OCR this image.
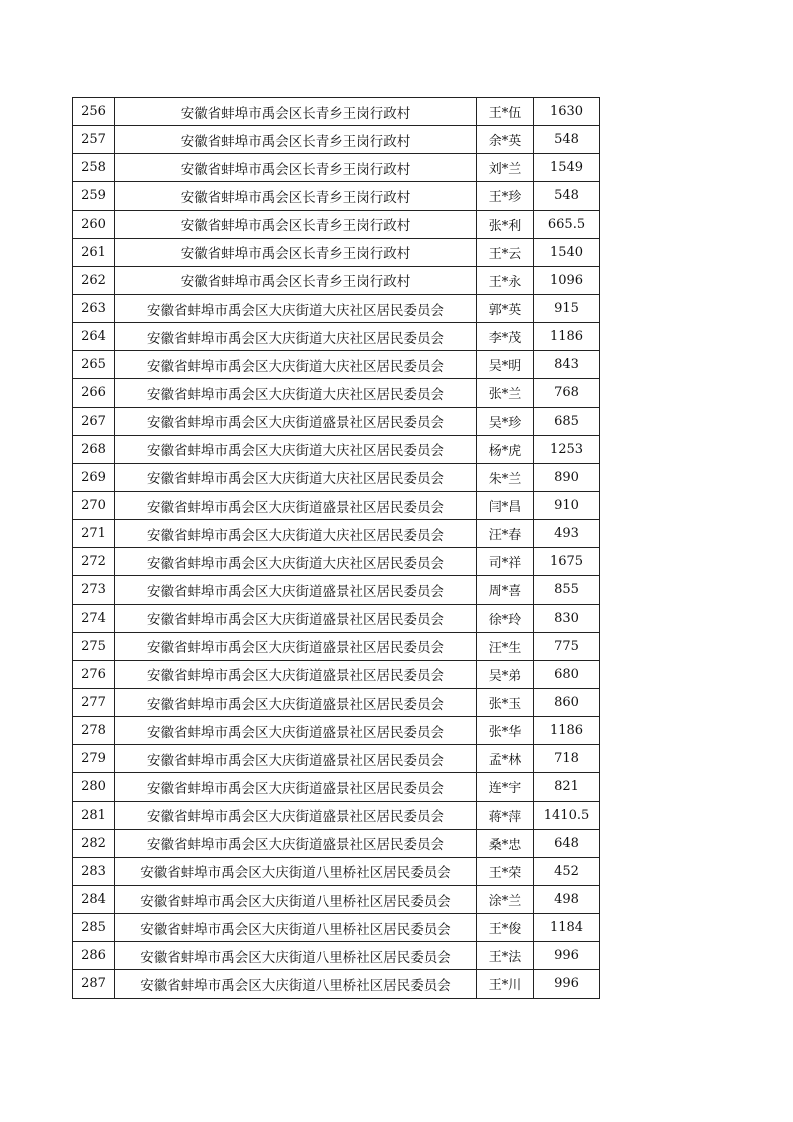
256	安徽省蚌埠市禹会区长青乡王岗行政村	王*伍	1630
257	安徽省蚌埠市禹会区长青乡王岗行政村	余*英	548
258	安徽省蚌埠市禹会区长青乡王岗行政村	刘*兰	1549
259	安徽省蚌埠市禹会区长青乡王岗行政村	王*珍	548
260	安徽省蚌埠市禹会区长青乡王岗行政村	张*利	665.5
261	安徽省蚌埠市禹会区长青乡王岗行政村	王*云	1540
262	安徽省蚌埠市禹会区长青乡王岗行政村	王*永	1096
263	安徽省蚌埠市禹会区大庆街道大庆社区居民委员会	郭*英	915
264	安徽省蚌埠市禹会区大庆街道大庆社区居民委员会	李*茂	1186
265	安徽省蚌埠市禹会区大庆街道大庆社区居民委员会	吴*明	843
266	安徽省蚌埠市禹会区大庆街道大庆社区居民委员会	张*兰	768
267	安徽省蚌埠市禹会区大庆街道盛景社区居民委员会	吴*珍	685
268	安徽省蚌埠市禹会区大庆街道大庆社区居民委员会	杨*虎	1253
269	安徽省蚌埠市禹会区大庆街道大庆社区居民委员会	朱*兰	890
270	安徽省蚌埠市禹会区大庆街道盛景社区居民委员会	闫*昌	910
271	安徽省蚌埠市禹会区大庆街道大庆社区居民委员会	汪*春	493
272	安徽省蚌埠市禹会区大庆街道大庆社区居民委员会	司*祥	1675
273	安徽省蚌埠市禹会区大庆街道盛景社区居民委员会	周*喜	855
274	安徽省蚌埠市禹会区大庆街道盛景社区居民委员会	徐*玲	830
275	安徽省蚌埠市禹会区大庆街道盛景社区居民委员会	汪*生	775
276	安徽省蚌埠市禹会区大庆街道盛景社区居民委员会	吴*弟	680
277	安徽省蚌埠市禹会区大庆街道盛景社区居民委员会	张*玉	860
278	安徽省蚌埠市禹会区大庆街道盛景社区居民委员会	张*华	1186
279	安徽省蚌埠市禹会区大庆街道盛景社区居民委员会	孟*林	718
280	安徽省蚌埠市禹会区大庆街道盛景社区居民委员会	连*宇	821
281	安徽省蚌埠市禹会区大庆街道盛景社区居民委员会	蒋*萍	1410.5
282	安徽省蚌埠市禹会区大庆街道盛景社区居民委员会	桑*忠	648
283	安徽省蚌埠市禹会区大庆街道八里桥社区居民委员会	王*荣	452
284	安徽省蚌埠市禹会区大庆街道八里桥社区居民委员会	涂*兰	498
285	安徽省蚌埠市禹会区大庆街道八里桥社区居民委员会	王*俊	1184
286	安徽省蚌埠市禹会区大庆街道八里桥社区居民委员会	王*法	996
287	安徽省蚌埠市禹会区大庆街道八里桥社区居民委员会	王*川	996
